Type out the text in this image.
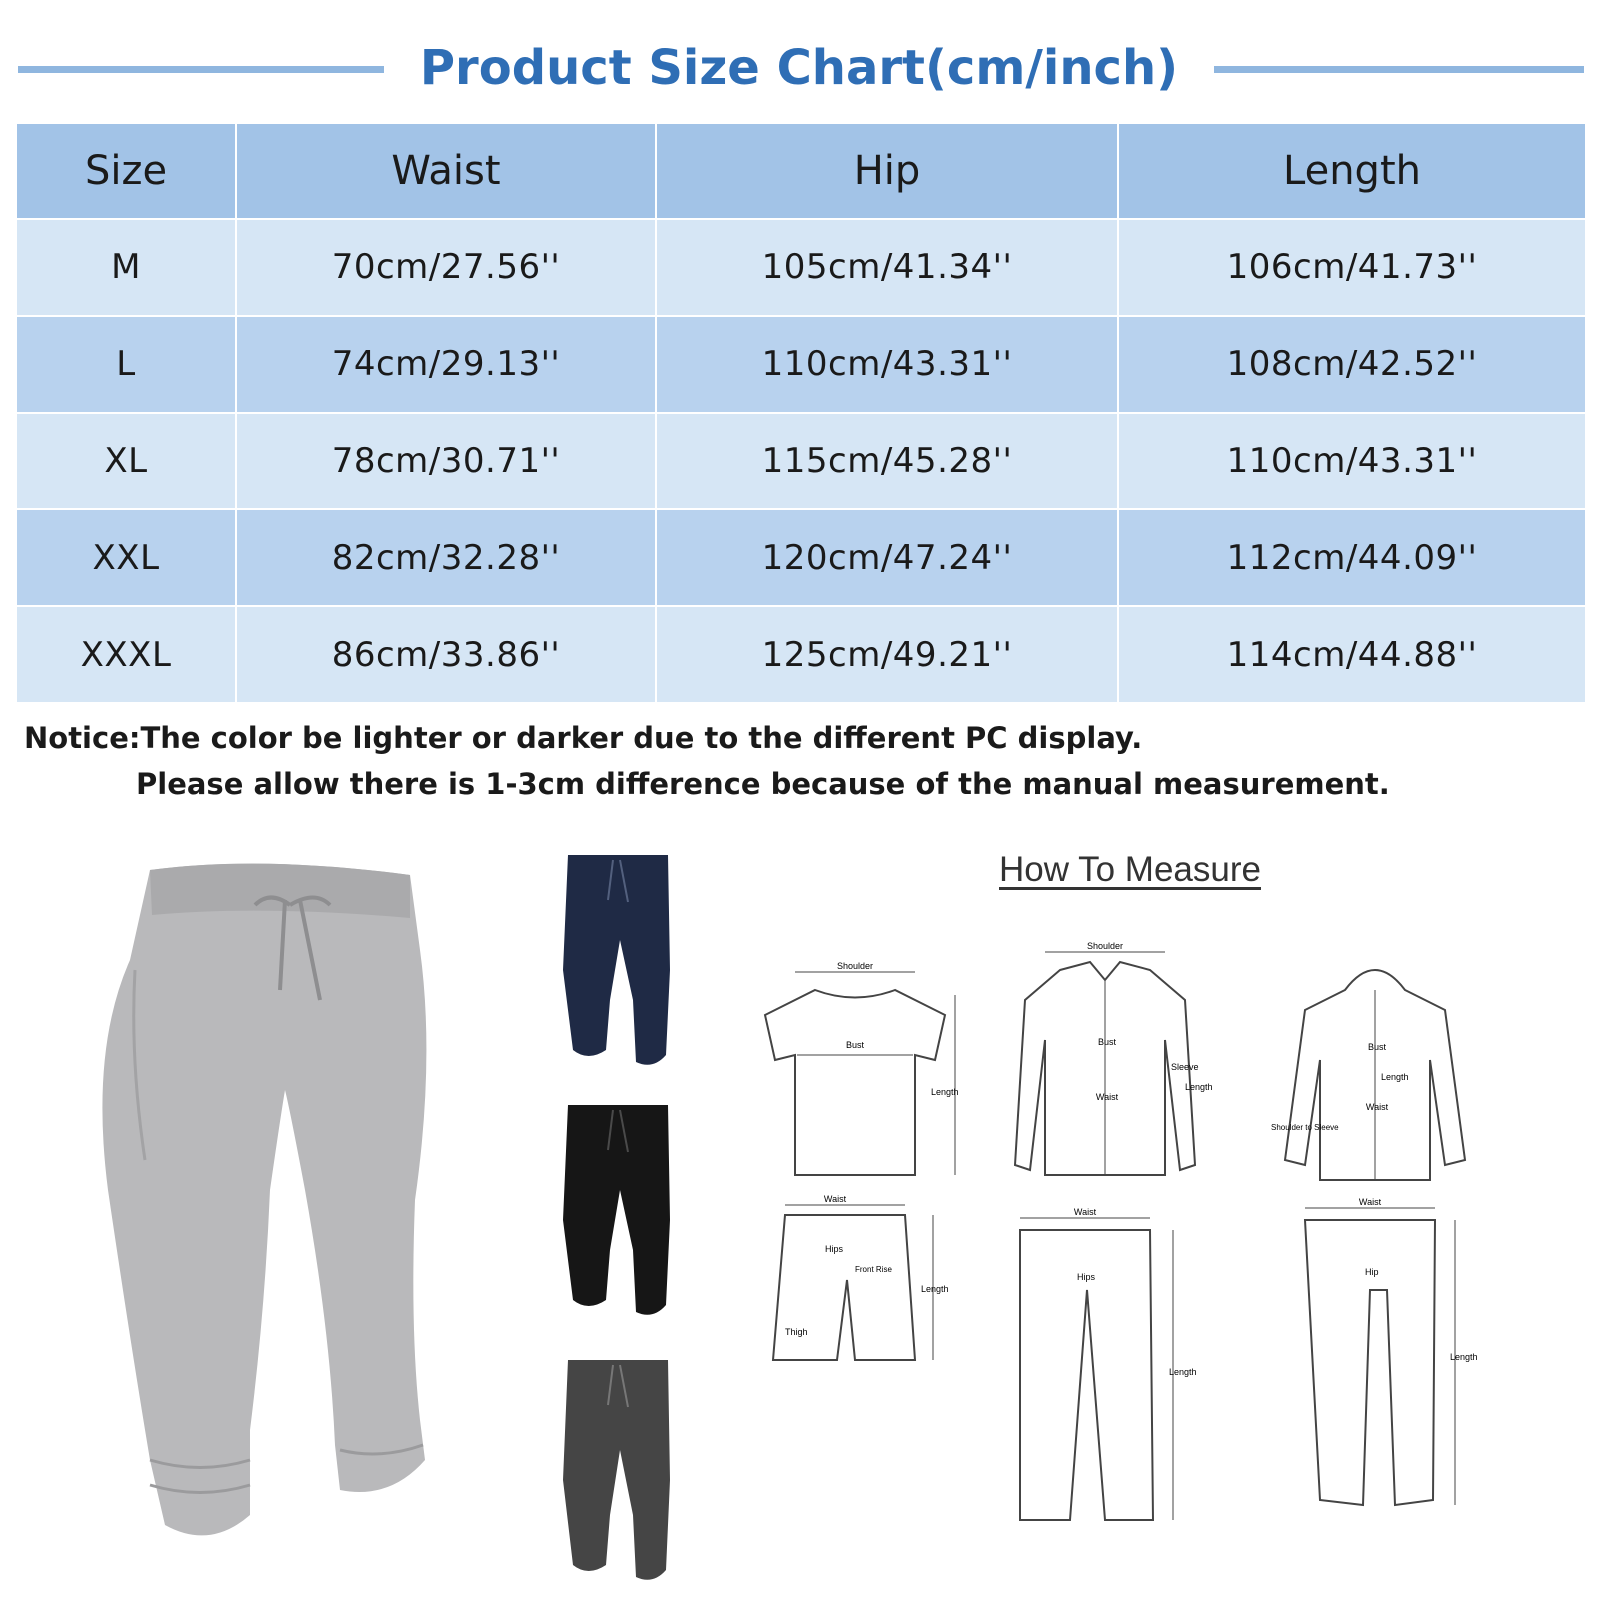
Product Size Chart(cm/inch)
Size	Waist	Hip	Length
M	70cm/27.56''	105cm/41.34''	106cm/41.73''
L	74cm/29.13''	110cm/43.31''	108cm/42.52''
XL	78cm/30.71''	115cm/45.28''	110cm/43.31''
XXL	82cm/32.28''	120cm/47.24''	112cm/44.09''
XXXL	86cm/33.86''	125cm/49.21''	114cm/44.88''
Notice:The color be lighter or darker due to the different PC display.
Please allow there is 1-3cm difference because of the manual measurement.
How To Measure
Shoulder
Bust
Length
Shoulder
Bust
Waist
Sleeve
Length
Bust
Waist
Shoulder to Sleeve
Length
Waist
Hips
Front Rise
Thigh
Length
Waist
Hips
Length
Waist
Hip
Length
